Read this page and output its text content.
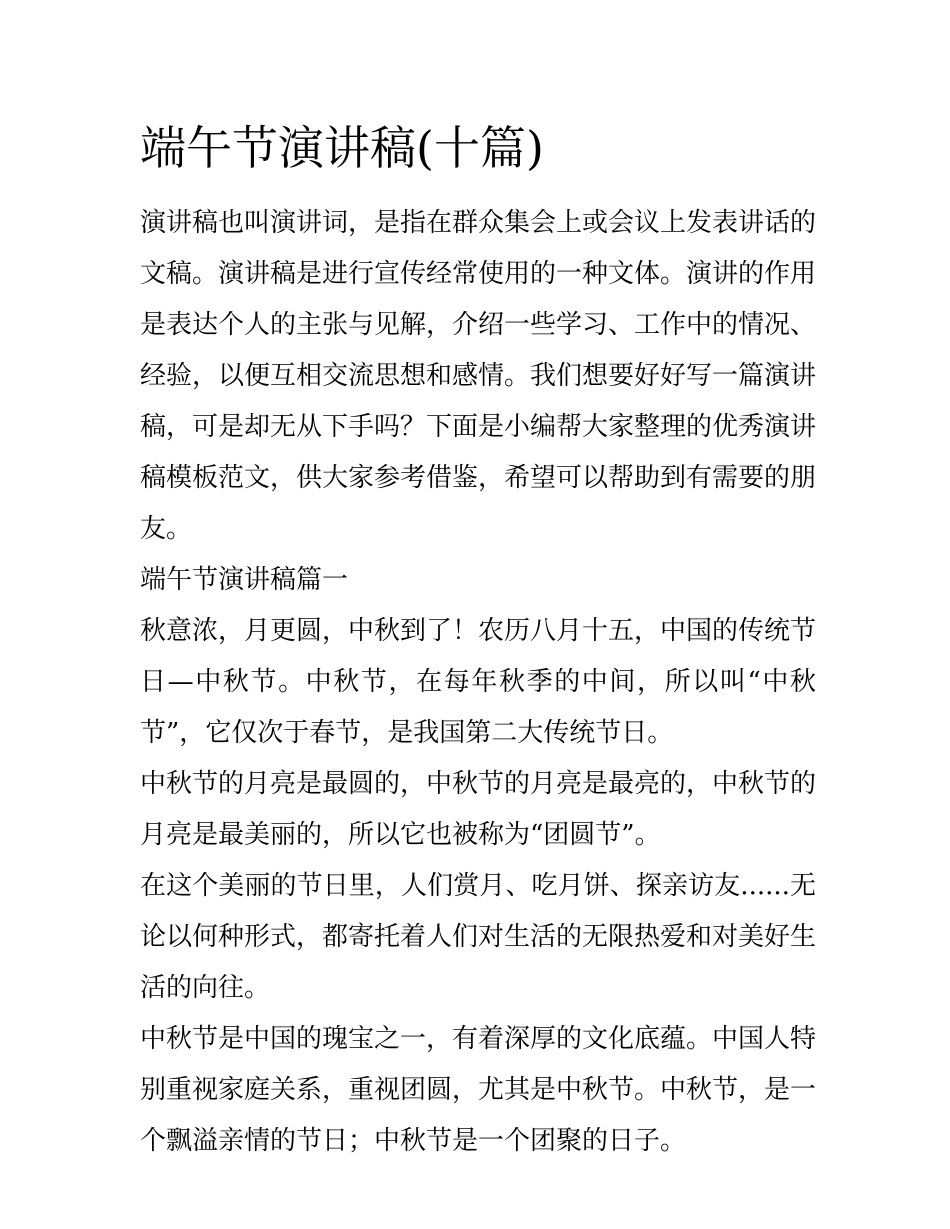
端午节演讲稿(十篇)

演讲稿也叫演讲词，是指在群众集会上或会议上发表讲话的文稿。演讲稿是进行宣传经常使用的一种文体。演讲的作用是表达个人的主张与见解，介绍一些学习、工作中的情况、经验，以便互相交流思想和感情。我们想要好好写一篇演讲稿，可是却无从下手吗？下面是小编帮大家整理的优秀演讲稿模板范文，供大家参考借鉴，希望可以帮助到有需要的朋友。

端午节演讲稿篇一

秋意浓，月更圆，中秋到了！农历八月十五，中国的传统节日—中秋节。中秋节，在每年秋季的中间，所以叫“中秋节”，它仅次于春节，是我国第二大传统节日。

中秋节的月亮是最圆的，中秋节的月亮是最亮的，中秋节的月亮是最美丽的，所以它也被称为“团圆节”。

在这个美丽的节日里，人们赏月、吃月饼、探亲访友......无论以何种形式，都寄托着人们对生活的无限热爱和对美好生活的向往。

中秋节是中国的瑰宝之一，有着深厚的文化底蕴。中国人特别重视家庭关系，重视团圆，尤其是中秋节。中秋节，是一个飘溢亲情的节日；中秋节是一个团聚的日子。
